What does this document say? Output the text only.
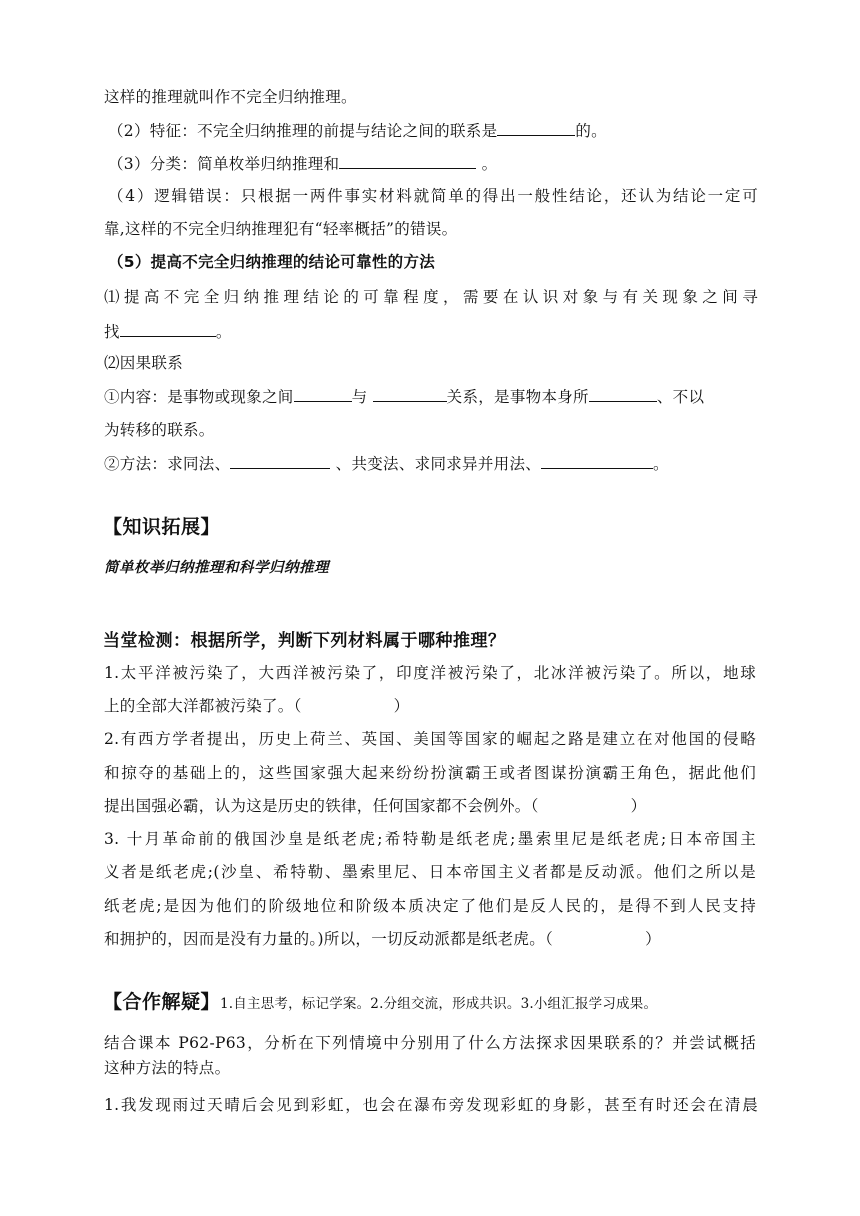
这样的推理就叫作不完全归纳推理。
（2）特征：不完全归纳推理的前提与结论之间的联系是	的。
（3）分类：简单枚举归纳推理和	。
（4）逻辑错误：只根据一两件事实材料就简单的得出一般性结论，还认为结论一定可
靠,这样的不完全归纳推理犯有“轻率概括”的错误。
（5）提高不完全归纳推理的结论可靠性的方法
⑴提高不完全归纳推理结论的可靠程度，需要在认识对象与有关现象之间寻
找	。
⑵因果联系
①内容：是事物或现象之间	与	关系，是事物本身所	、不以
为转移的联系。
②方法：求同法、	、共变法、求同求异并用法、	。
【知识拓展】
简单枚举归纳推理和科学归纳推理
当堂检测：根据所学，判断下列材料属于哪种推理？
1.太平洋被污染了，大西洋被污染了，印度洋被污染了，北冰洋被污染了。所以，地球
上的全部大洋都被污染了。（	）
2.有西方学者提出，历史上荷兰、英国、美国等国家的崛起之路是建立在对他国的侵略
和掠夺的基础上的，这些国家强大起来纷纷扮演霸王或者图谋扮演霸王角色，据此他们
提出国强必霸，认为这是历史的铁律，任何国家都不会例外。（	）
3. 十月革命前的俄国沙皇是纸老虎;希特勒是纸老虎;墨索里尼是纸老虎;日本帝国主
义者是纸老虎;(沙皇、希特勒、墨索里尼、日本帝国主义者都是反动派。他们之所以是
纸老虎;是因为他们的阶级地位和阶级本质决定了他们是反人民的，是得不到人民支持
和拥护的，因而是没有力量的。)所以，一切反动派都是纸老虎。（	）
【合作解疑】1.自主思考，标记学案。2.分组交流，形成共识。3.小组汇报学习成果。
结合课本 P62-P63，分析在下列情境中分别用了什么方法探求因果联系的？并尝试概括
这种方法的特点。
1.我发现雨过天晴后会见到彩虹，也会在瀑布旁发现彩虹的身影，甚至有时还会在清晨
